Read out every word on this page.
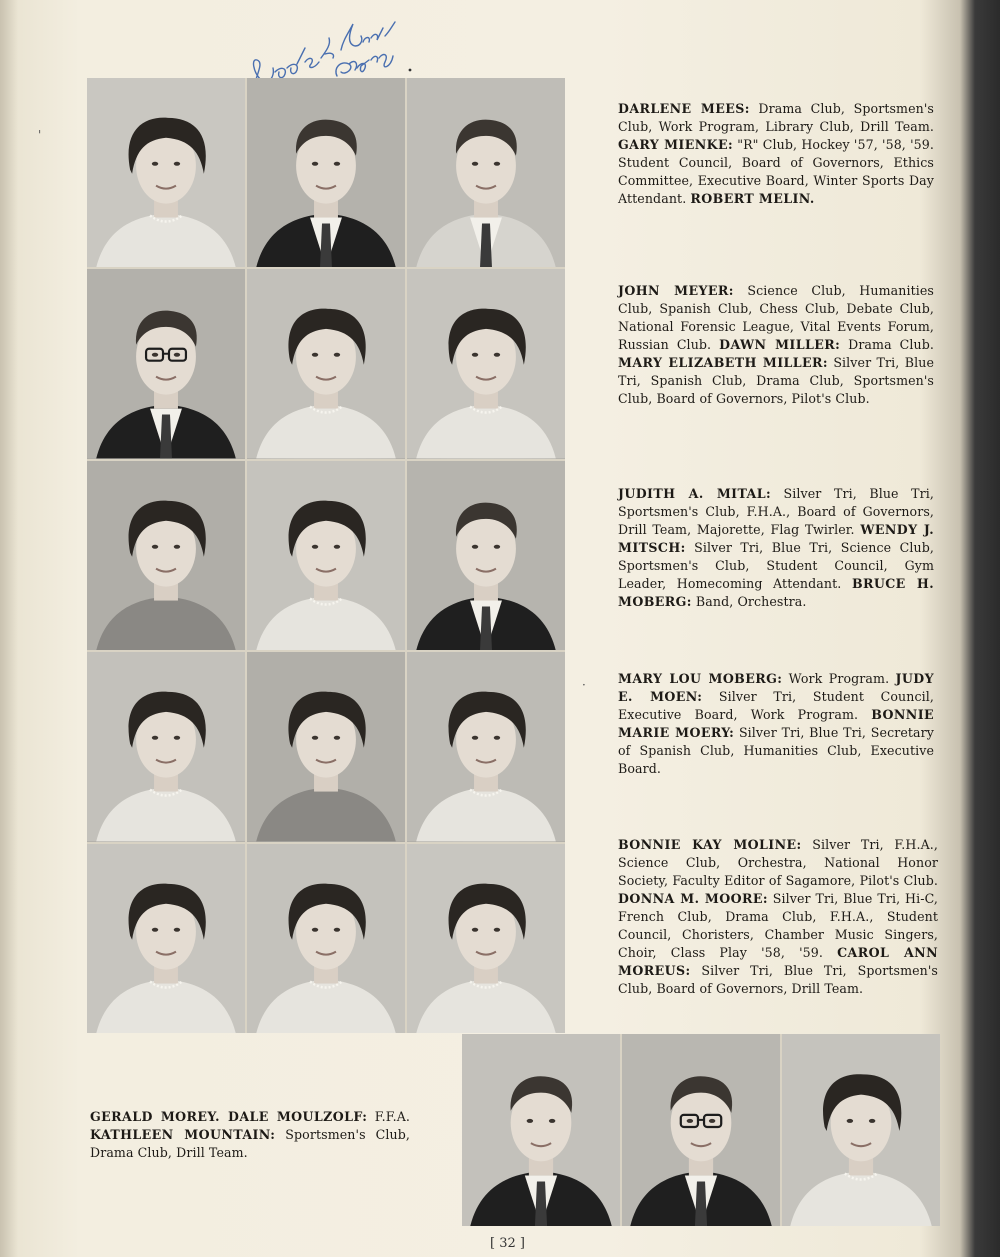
DARLENE MEES: Drama Club, Sportsmen's Club, Work Program, Library Club, Drill Team. GARY MIENKE: "R" Club, Hockey '57, '58, '59. Student Council, Board of Governors, Ethics Committee, Executive Board, Winter Sports Day Attendant. ROBERT MELIN.
JOHN MEYER: Science Club, Humanities Club, Spanish Club, Chess Club, Debate Club, National Forensic League, Vital Events Forum, Russian Club. DAWN MILLER: Drama Club. MARY ELIZABETH MILLER: Silver Tri, Blue Tri, Spanish Club, Drama Club, Sportsmen's Club, Board of Governors, Pilot's Club.
JUDITH A. MITAL: Silver Tri, Blue Tri, Sportsmen's Club, F.H.A., Board of Governors, Drill Team, Majorette, Flag Twirler. WENDY J. MITSCH: Silver Tri, Blue Tri, Science Club, Sportsmen's Club, Student Council, Gym Leader, Homecoming Attendant. BRUCE H. MOBERG: Band, Orchestra.
MARY LOU MOBERG: Work Program. JUDY E. MOEN: Silver Tri, Student Council, Executive Board, Work Program. BONNIE MARIE MOERY: Silver Tri, Blue Tri, Secretary of Spanish Club, Humanities Club, Executive Board.
BONNIE KAY MOLINE: Silver Tri, F.H.A., Science Club, Orchestra, National Honor Society, Faculty Editor of Sagamore, Pilot's Club. DONNA M. MOORE: Silver Tri, Blue Tri, Hi-C, French Club, Drama Club, F.H.A., Student Council, Choristers, Chamber Music Singers, Choir, Class Play '58, '59. CAROL ANN MOREUS: Silver Tri, Blue Tri, Sportsmen's Club, Board of Governors, Drill Team.
GERALD MOREY. DALE MOULZOLF: F.F.A. KATHLEEN MOUNTAIN: Sportsmen's Club, Drama Club, Drill Team.
'
·
[ 32 ]
